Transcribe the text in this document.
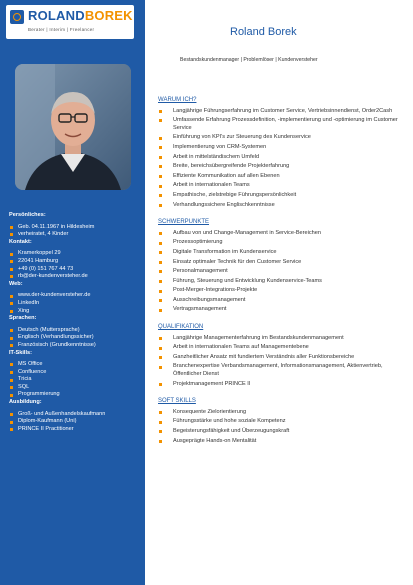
ROLANDBOREK
Berater | Interim | Freelancer
Persönliches:
Geb. 04.11.1967 in Hildesheim
verheiratet, 4 Kinder
Kontakt:
Kramerkoppel 29
22041 Hamburg
+49 (0) 151 767 44 73
rb@der-kundenversteher.de
Web:
www.der-kundenversteher.de
LinkedIn
Xing
Sprachen:
Deutsch (Muttersprache)
Englisch (Verhandlungssicher)
Französisch (Grundkenntnisse)
IT-Skills:
MS Office
Confluence
Tricia
SQL
Programmierung
Ausbildung:
Groß- und Außenhandelskaufmann
Diplom-Kaufmann (Uni)
PRINCE II Practitioner
Roland Borek
Bestandskundenmanager | Problemlöser | Kundenversteher
WARUM ICH?
Langjährige Führungserfahrung im Customer Service, Vertriebsinnendienst, Order2Cash
Umfassende Erfahrung Prozessdefinition, -implementierung und -optimierung im Customer Service
Einführung von KPI's zur Steuerung des Kundenservice
Implementierung von CRM-Systemen
Arbeit in mittelständischem Umfeld
Breite, bereichsübergreifende Projekterfahrung
Effiziente Kommunikation auf allen Ebenen
Arbeit in internationalen Teams
Empathische, zielstrebige Führungspersönlichkeit
Verhandlungssichere Englischkenntnisse
SCHWERPUNKTE
Aufbau von und Change-Management in Service-Bereichen
Prozessoptimierung
Digitale Transformation im Kundenservice
Einsatz optimaler Technik für den Customer Service
Personalmanagement
Führung, Steuerung und Entwicklung Kundenservice-Teams
Post-Merger-Integrations-Projekte
Ausschreibungsmanagement
Vertragsmanagement
QUALIFIKATION
Langjährige Managementerfahrung im Bestandskundenmanagement
Arbeit in internationalen Teams auf Managementebene
Ganzheitlicher Ansatz mit fundiertem Verständnis aller Funktionsbereiche
Branchenexpertise Verbandsmanagement, Informationsmanagement, Aktienvertrieb, Öffentlicher Dienst
Projektmanagement PRINCE II
SOFT SKILLS
Konsequente Zielorientierung
Führungsstärke und hohe soziale Kompetenz
Begeisterungsfähigkeit und Überzeugungskraft
Ausgeprägte Hands-on Mentalität
